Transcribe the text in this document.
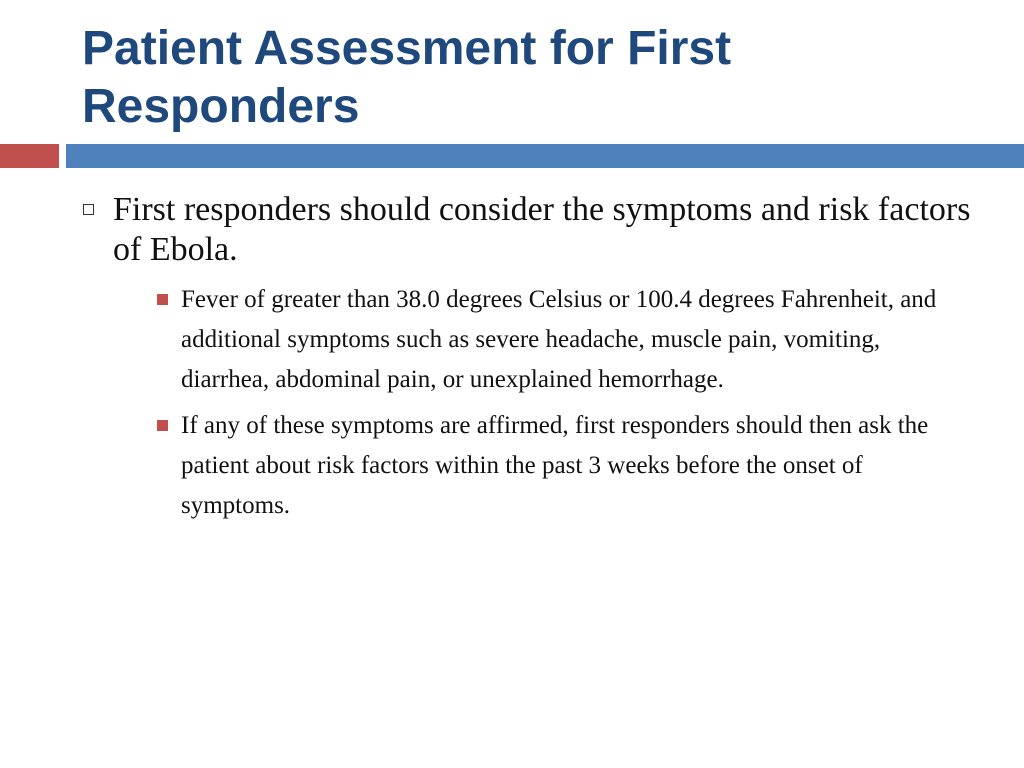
Patient Assessment for First Responders
First responders should consider the symptoms and risk factors of Ebola.
Fever of greater than 38.0 degrees Celsius or 100.4 degrees Fahrenheit, and additional symptoms such as severe headache, muscle pain, vomiting, diarrhea, abdominal pain, or unexplained hemorrhage.
If any of these symptoms are affirmed, first responders should then ask the patient about risk factors within the past 3 weeks before the onset of symptoms.
